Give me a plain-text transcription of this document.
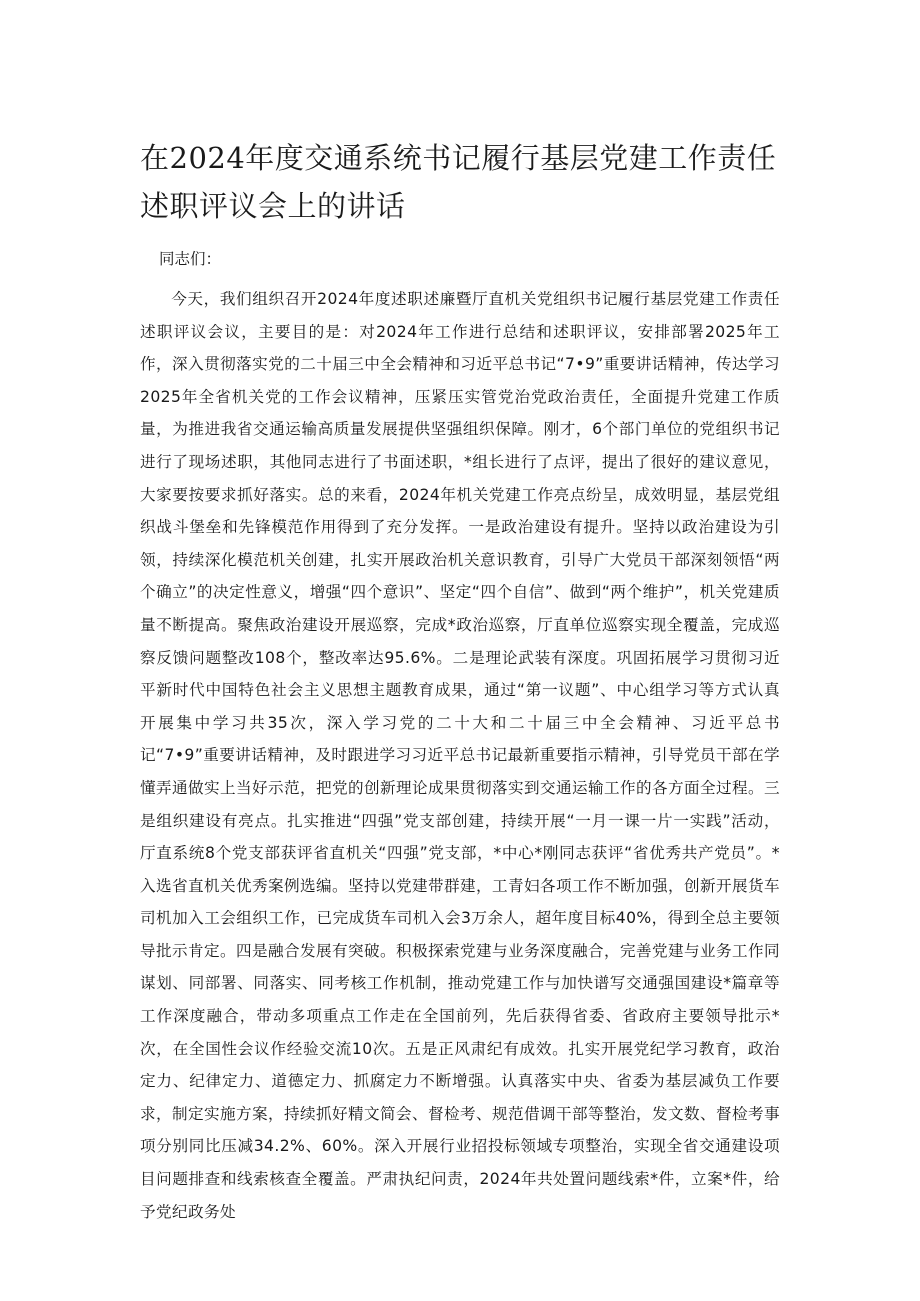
在2024年度交通系统书记履行基层党建工作责任述职评议会上的讲话

同志们：

今天，我们组织召开2024年度述职述廉暨厅直机关党组织书记履行基层党建工作责任述职评议会议，主要目的是：对2024年工作进行总结和述职评议，安排部署2025年工作，深入贯彻落实党的二十届三中全会精神和习近平总书记“7•9”重要讲话精神，传达学习2025年全省机关党的工作会议精神，压紧压实管党治党政治责任，全面提升党建工作质量，为推进我省交通运输高质量发展提供坚强组织保障。刚才，6个部门单位的党组织书记进行了现场述职，其他同志进行了书面述职，*组长进行了点评，提出了很好的建议意见，大家要按要求抓好落实。总的来看，2024年机关党建工作亮点纷呈，成效明显，基层党组织战斗堡垒和先锋模范作用得到了充分发挥。一是政治建设有提升。坚持以政治建设为引领，持续深化模范机关创建，扎实开展政治机关意识教育，引导广大党员干部深刻领悟“两个确立”的决定性意义，增强“四个意识”、坚定“四个自信”、做到“两个维护”，机关党建质量不断提高。聚焦政治建设开展巡察，完成*政治巡察，厅直单位巡察实现全覆盖，完成巡察反馈问题整改108个，整改率达95.6%。二是理论武装有深度。巩固拓展学习贯彻习近平新时代中国特色社会主义思想主题教育成果，通过“第一议题”、中心组学习等方式认真开展集中学习共35次，深入学习党的二十大和二十届三中全会精神、习近平总书记“7•9”重要讲话精神，及时跟进学习习近平总书记最新重要指示精神，引导党员干部在学懂弄通做实上当好示范，把党的创新理论成果贯彻落实到交通运输工作的各方面全过程。三是组织建设有亮点。扎实推进“四强”党支部创建，持续开展“一月一课一片一实践”活动，厅直系统8个党支部获评省直机关“四强”党支部，*中心*刚同志获评“省优秀共产党员”。*入选省直机关优秀案例选编。坚持以党建带群建，工青妇各项工作不断加强，创新开展货车司机加入工会组织工作，已完成货车司机入会3万余人，超年度目标40%，得到全总主要领导批示肯定。四是融合发展有突破。积极探索党建与业务深度融合，完善党建与业务工作同谋划、同部署、同落实、同考核工作机制，推动党建工作与加快谱写交通强国建设*篇章等工作深度融合，带动多项重点工作走在全国前列，先后获得省委、省政府主要领导批示*次，在全国性会议作经验交流10次。五是正风肃纪有成效。扎实开展党纪学习教育，政治定力、纪律定力、道德定力、抓腐定力不断增强。认真落实中央、省委为基层减负工作要求，制定实施方案，持续抓好精文简会、督检考、规范借调干部等整治，发文数、督检考事项分别同比压减34.2%、60%。深入开展行业招投标领域专项整治，实现全省交通建设项目问题排查和线索核查全覆盖。严肃执纪问责，2024年共处置问题线索*件，立案*件，给予党纪政务处
